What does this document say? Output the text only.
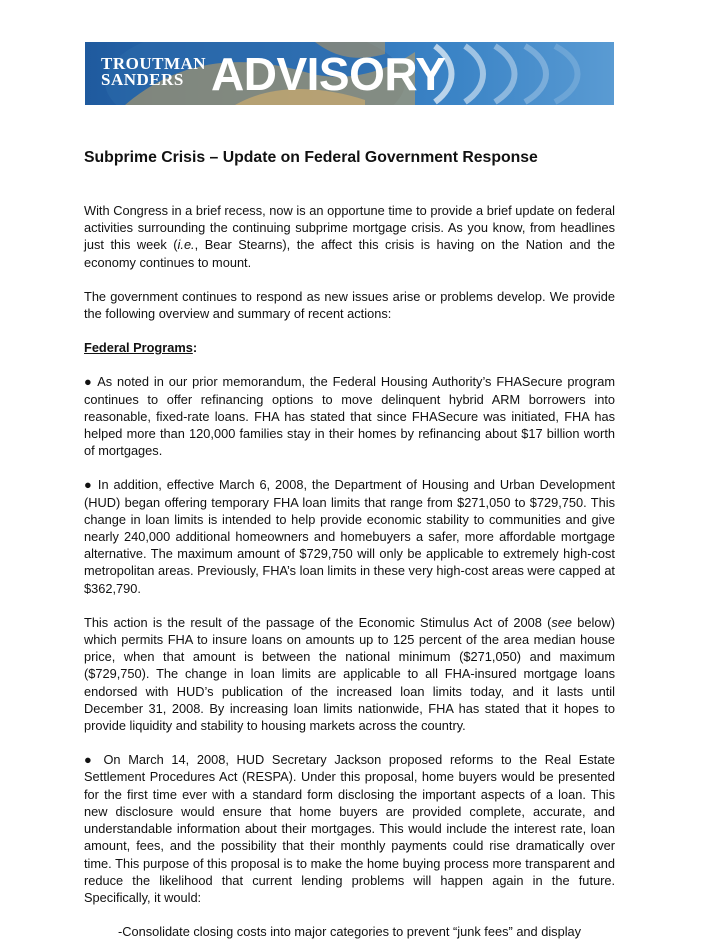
TROUTMAN
SANDERS ADVISORY
Subprime Crisis – Update on Federal Government Response

With Congress in a brief recess, now is an opportune time to provide a brief update on federal activities surrounding the continuing subprime mortgage crisis. As you know, from headlines just this week (i.e., Bear Stearns), the affect this crisis is having on the Nation and the economy continues to mount.

The government continues to respond as new issues arise or problems develop. We provide the following overview and summary of recent actions:

Federal Programs:

● As noted in our prior memorandum, the Federal Housing Authority’s FHASecure program continues to offer refinancing options to move delinquent hybrid ARM borrowers into reasonable, fixed-rate loans. FHA has stated that since FHASecure was initiated, FHA has helped more than 120,000 families stay in their homes by refinancing about $17 billion worth of mortgages.

● In addition, effective March 6, 2008, the Department of Housing and Urban Development (HUD) began offering temporary FHA loan limits that range from $271,050 to $729,750. This change in loan limits is intended to help provide economic stability to communities and give nearly 240,000 additional homeowners and homebuyers a safer, more affordable mortgage alternative. The maximum amount of $729,750 will only be applicable to extremely high-cost metropolitan areas. Previously, FHA’s loan limits in these very high-cost areas were capped at $362,790.

This action is the result of the passage of the Economic Stimulus Act of 2008 (see below) which permits FHA to insure loans on amounts up to 125 percent of the area median house price, when that amount is between the national minimum ($271,050) and maximum ($729,750). The change in loan limits are applicable to all FHA-insured mortgage loans endorsed with HUD’s publication of the increased loan limits today, and it lasts until December 31, 2008. By increasing loan limits nationwide, FHA has stated that it hopes to provide liquidity and stability to housing markets across the country.

● On March 14, 2008, HUD Secretary Jackson proposed reforms to the Real Estate Settlement Procedures Act (RESPA). Under this proposal, home buyers would be presented for the first time ever with a standard form disclosing the important aspects of a loan. This new disclosure would ensure that home buyers are provided complete, accurate, and understandable information about their mortgages. This would include the interest rate, loan amount, fees, and the possibility that their monthly payments could rise dramatically over time. This purpose of this proposal is to make the home buying process more transparent and reduce the likelihood that current lending problems will happen again in the future. Specifically, it would:

-Consolidate closing costs into major categories to prevent “junk fees” and display
